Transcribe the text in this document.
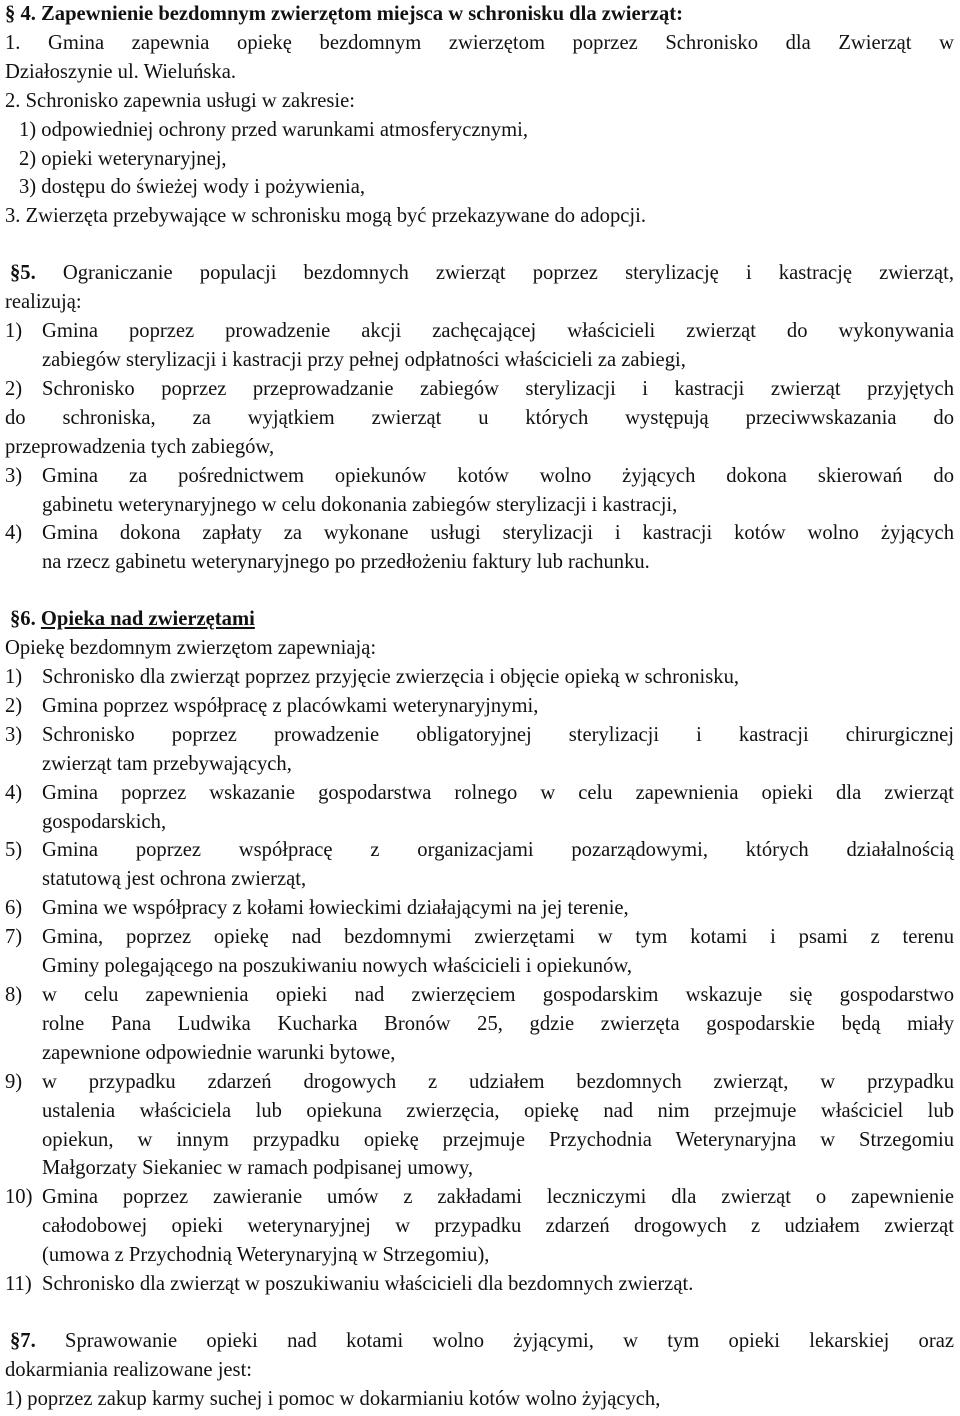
§ 4. Zapewnienie bezdomnym zwierzętom miejsca w schronisku dla zwierząt:
1. Gmina zapewnia opiekę bezdomnym zwierzętom poprzez Schronisko dla Zwierząt w
Działoszynie ul. Wieluńska.
2. Schronisko zapewnia usługi w zakresie:
1) odpowiedniej ochrony przed warunkami atmosferycznymi,
2) opieki weterynaryjnej,
3) dostępu do świeżej wody i pożywienia,
3. Zwierzęta przebywające w schronisku mogą być przekazywane do adopcji.
§5. Ograniczanie populacji bezdomnych zwierząt poprzez sterylizację i kastrację zwierząt,
realizują:
1) Gmina poprzez prowadzenie akcji zachęcającej właścicieli zwierząt do wykonywania
zabiegów sterylizacji i kastracji przy pełnej odpłatności właścicieli za zabiegi,
2) Schronisko poprzez przeprowadzanie zabiegów sterylizacji i kastracji zwierząt przyjętych
do schroniska, za wyjątkiem zwierząt u których występują przeciwwskazania do
przeprowadzenia tych zabiegów,
3) Gmina za pośrednictwem opiekunów kotów wolno żyjących dokona skierowań do
gabinetu weterynaryjnego w celu dokonania zabiegów sterylizacji i kastracji,
4) Gmina dokona zapłaty za wykonane usługi sterylizacji i kastracji kotów wolno żyjących
na rzecz gabinetu weterynaryjnego po przedłożeniu faktury lub rachunku.
§6. Opieka nad zwierzętami
Opiekę bezdomnym zwierzętom zapewniają:
1) Schronisko dla zwierząt poprzez przyjęcie zwierzęcia i objęcie opieką w schronisku,
2) Gmina poprzez współpracę z placówkami weterynaryjnymi,
3) Schronisko poprzez prowadzenie obligatoryjnej sterylizacji i kastracji chirurgicznej
zwierząt tam przebywających,
4) Gmina poprzez wskazanie gospodarstwa rolnego w celu zapewnienia opieki dla zwierząt
gospodarskich,
5) Gmina poprzez współpracę z organizacjami pozarządowymi, których działalnością
statutową jest ochrona zwierząt,
6) Gmina we współpracy z kołami łowieckimi działającymi na jej terenie,
7) Gmina, poprzez opiekę nad bezdomnymi zwierzętami w tym kotami i psami z terenu
Gminy polegającego na poszukiwaniu nowych właścicieli i opiekunów,
8) w celu zapewnienia opieki nad zwierzęciem gospodarskim wskazuje się gospodarstwo
rolne Pana Ludwika Kucharka Bronów 25, gdzie zwierzęta gospodarskie będą miały
zapewnione odpowiednie warunki bytowe,
9) w przypadku zdarzeń drogowych z udziałem bezdomnych zwierząt, w przypadku
ustalenia właściciela lub opiekuna zwierzęcia, opiekę nad nim przejmuje właściciel lub
opiekun, w innym przypadku opiekę przejmuje Przychodnia Weterynaryjna w Strzegomiu
Małgorzaty Siekaniec w ramach podpisanej umowy,
10) Gmina poprzez zawieranie umów z zakładami leczniczymi dla zwierząt o zapewnienie
całodobowej opieki weterynaryjnej w przypadku zdarzeń drogowych z udziałem zwierząt
(umowa z Przychodnią Weterynaryjną w Strzegomiu),
11) Schronisko dla zwierząt w poszukiwaniu właścicieli dla bezdomnych zwierząt.
§7. Sprawowanie opieki nad kotami wolno żyjącymi, w tym opieki lekarskiej oraz
dokarmiania realizowane jest:
1) poprzez zakup karmy suchej i pomoc w dokarmianiu kotów wolno żyjących,
